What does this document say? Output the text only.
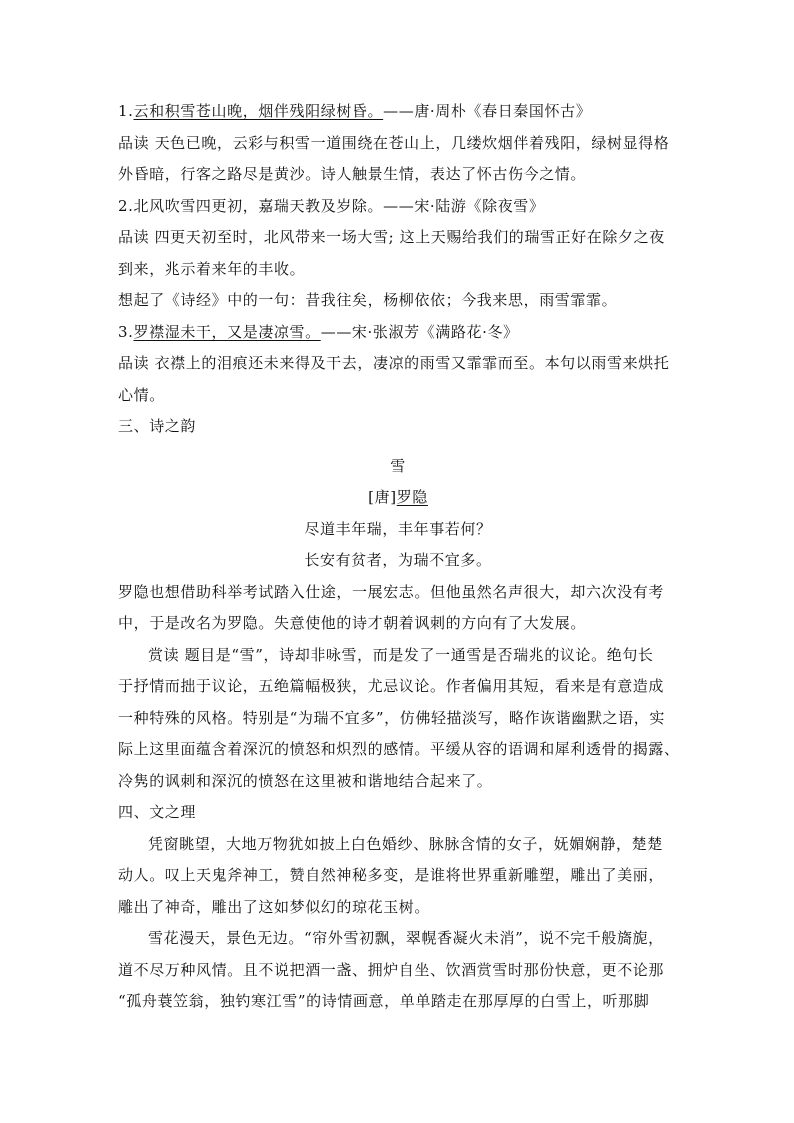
1.云和积雪苍山晚，烟伴残阳绿树昏。——唐·周朴《春日秦国怀古》
品读 天色已晚，云彩与积雪一道围绕在苍山上，几缕炊烟伴着残阳，绿树显得格
外昏暗，行客之路尽是黄沙。诗人触景生情，表达了怀古伤今之情。
2.北风吹雪四更初，嘉瑞天教及岁除。——宋·陆游《除夜雪》
品读 四更天初至时，北风带来一场大雪; 这上天赐给我们的瑞雪正好在除夕之夜
到来，兆示着来年的丰收。
想起了《诗经》中的一句：昔我往矣，杨柳依依；今我来思，雨雪霏霏。
3.罗襟湿未干，又是凄凉雪。——宋·张淑芳《满路花·冬》
品读 衣襟上的泪痕还未来得及干去，凄凉的雨雪又霏霏而至。本句以雨雪来烘托
心情。
三、诗之韵
雪
[唐]罗隐
尽道丰年瑞，丰年事若何？
长安有贫者，为瑞不宜多。
罗隐也想借助科举考试踏入仕途，一展宏志。但他虽然名声很大，却六次没有考
中，于是改名为罗隐。失意使他的诗才朝着讽刺的方向有了大发展。
赏读 题目是“雪”，诗却非咏雪，而是发了一通雪是否瑞兆的议论。绝句长
于抒情而拙于议论，五绝篇幅极狭，尤忌议论。作者偏用其短，看来是有意造成
一种特殊的风格。特别是“为瑞不宜多”，仿佛轻描淡写，略作诙谐幽默之语，实
际上这里面蕴含着深沉的愤怒和炽烈的感情。平缓从容的语调和犀利透骨的揭露、
冷隽的讽刺和深沉的愤怒在这里被和谐地结合起来了。
四、文之理
凭窗眺望，大地万物犹如披上白色婚纱、脉脉含情的女子，妩媚娴静，楚楚
动人。叹上天鬼斧神工，赞自然神秘多变，是谁将世界重新雕塑，雕出了美丽，
雕出了神奇，雕出了这如梦似幻的琼花玉树。
雪花漫天，景色无边。“帘外雪初飘，翠幌香凝火未消”，说不完千般旖旎，
道不尽万种风情。且不说把酒一盏、拥炉自坐、饮酒赏雪时那份快意，更不论那
“孤舟蓑笠翁，独钓寒江雪”的诗情画意，单单踏走在那厚厚的白雪上，听那脚
